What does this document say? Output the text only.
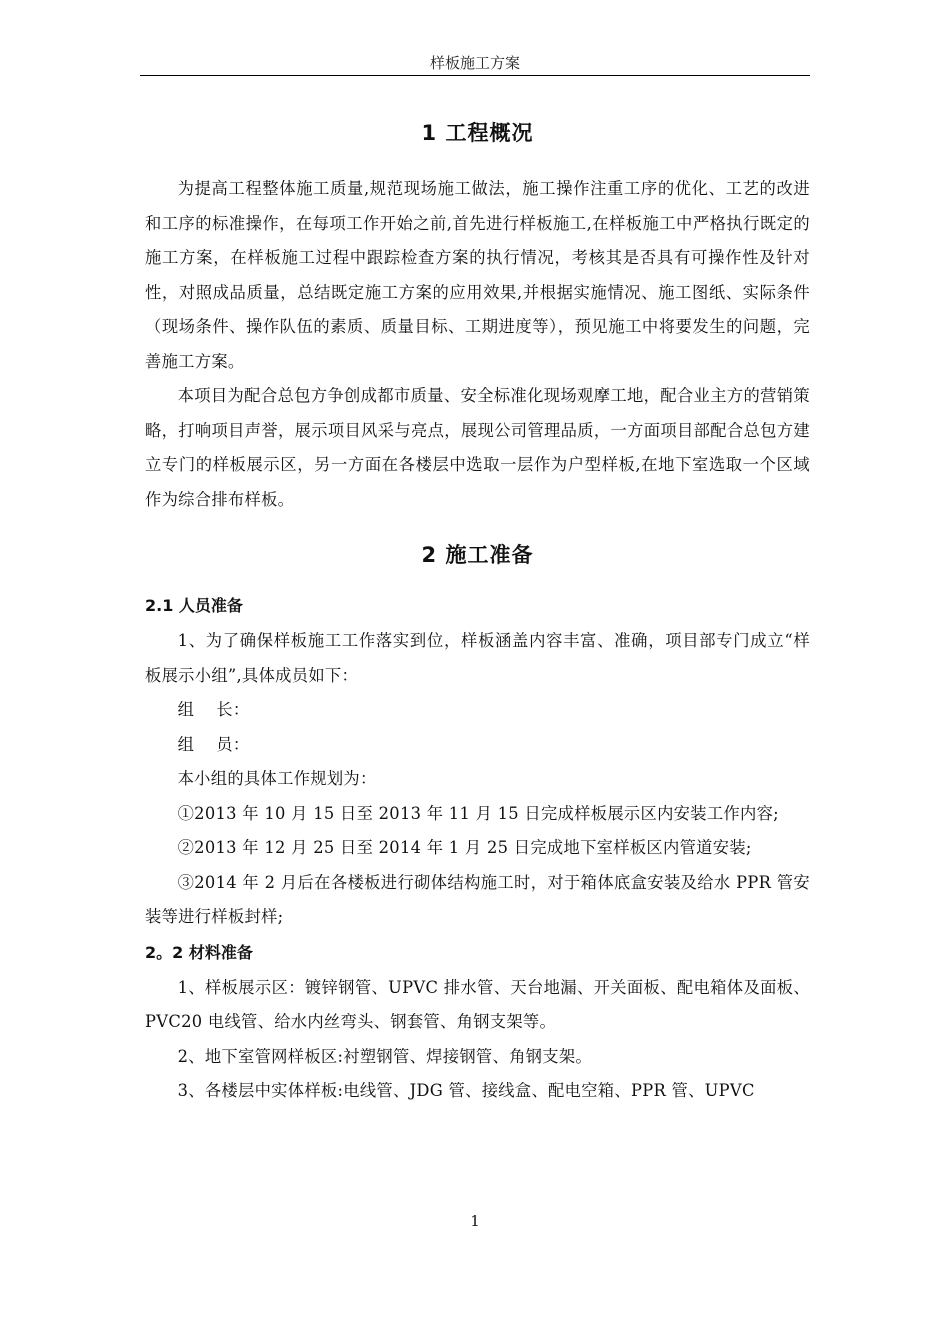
样板施工方案
1 工程概况

为提高工程整体施工质量,规范现场施工做法，施工操作注重工序的优化、工艺的改进和工序的标准操作，在每项工作开始之前,首先进行样板施工,在样板施工中严格执行既定的施工方案，在样板施工过程中跟踪检查方案的执行情况，考核其是否具有可操作性及针对性，对照成品质量，总结既定施工方案的应用效果,并根据实施情况、施工图纸、实际条件（现场条件、操作队伍的素质、质量目标、工期进度等），预见施工中将要发生的问题，完善施工方案。

本项目为配合总包方争创成都市质量、安全标准化现场观摩工地，配合业主方的营销策略，打响项目声誉，展示项目风采与亮点，展现公司管理品质，一方面项目部配合总包方建立专门的样板展示区，另一方面在各楼层中选取一层作为户型样板,在地下室选取一个区域作为综合排布样板。

2 施工准备
2.1 人员准备

1、为了确保样板施工工作落实到位，样板涵盖内容丰富、准确，项目部专门成立“样板展示小组”,具体成员如下：

组　 长：

组　 员：

本小组的具体工作规划为：

①2013 年 10 月 15 日至 2013 年 11 月 15 日完成样板展示区内安装工作内容;

②2013 年 12 月 25 日至 2014 年 1 月 25 日完成地下室样板区内管道安装;

③2014 年 2 月后在各楼板进行砌体结构施工时，对于箱体底盒安装及给水 PPR 管安装等进行样板封样;

2。2 材料准备

1、样板展示区：镀锌钢管、UPVC 排水管、天台地漏、开关面板、配电箱体及面板、PVC20 电线管、给水内丝弯头、钢套管、角钢支架等。

2、地下室管网样板区:衬塑钢管、焊接钢管、角钢支架。

3、各楼层中实体样板:电线管、JDG 管、接线盒、配电空箱、PPR 管、UPVC

1
